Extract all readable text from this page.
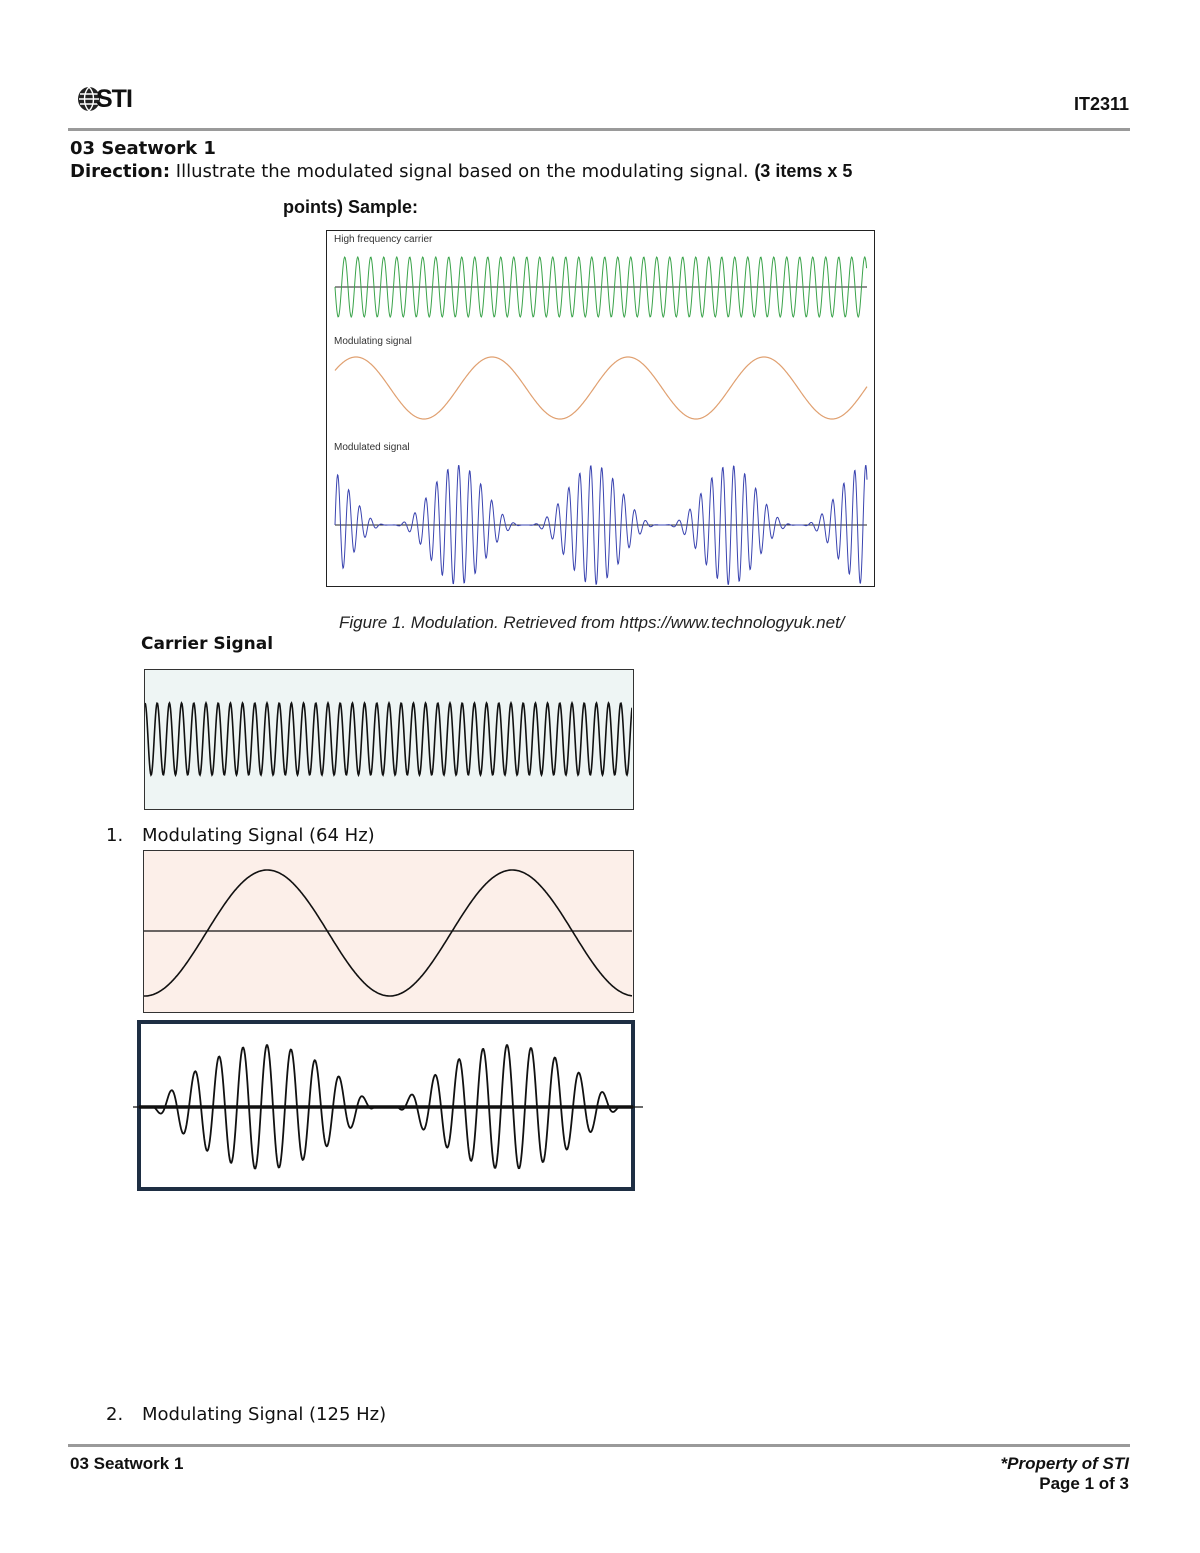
STI	IT2311
03 Seatwork 1
Direction: Illustrate the modulated signal based on the modulating signal. (3 items x 5
points) Sample:
High frequency carrier
Modulating signal
Modulated signal
Figure 1. Modulation. Retrieved from https://www.technologyuk.net/
Carrier Signal
1. Modulating Signal (64 Hz)
2. Modulating Signal (125 Hz)
03 Seatwork 1	*Property of STI
Page 1 of 3
